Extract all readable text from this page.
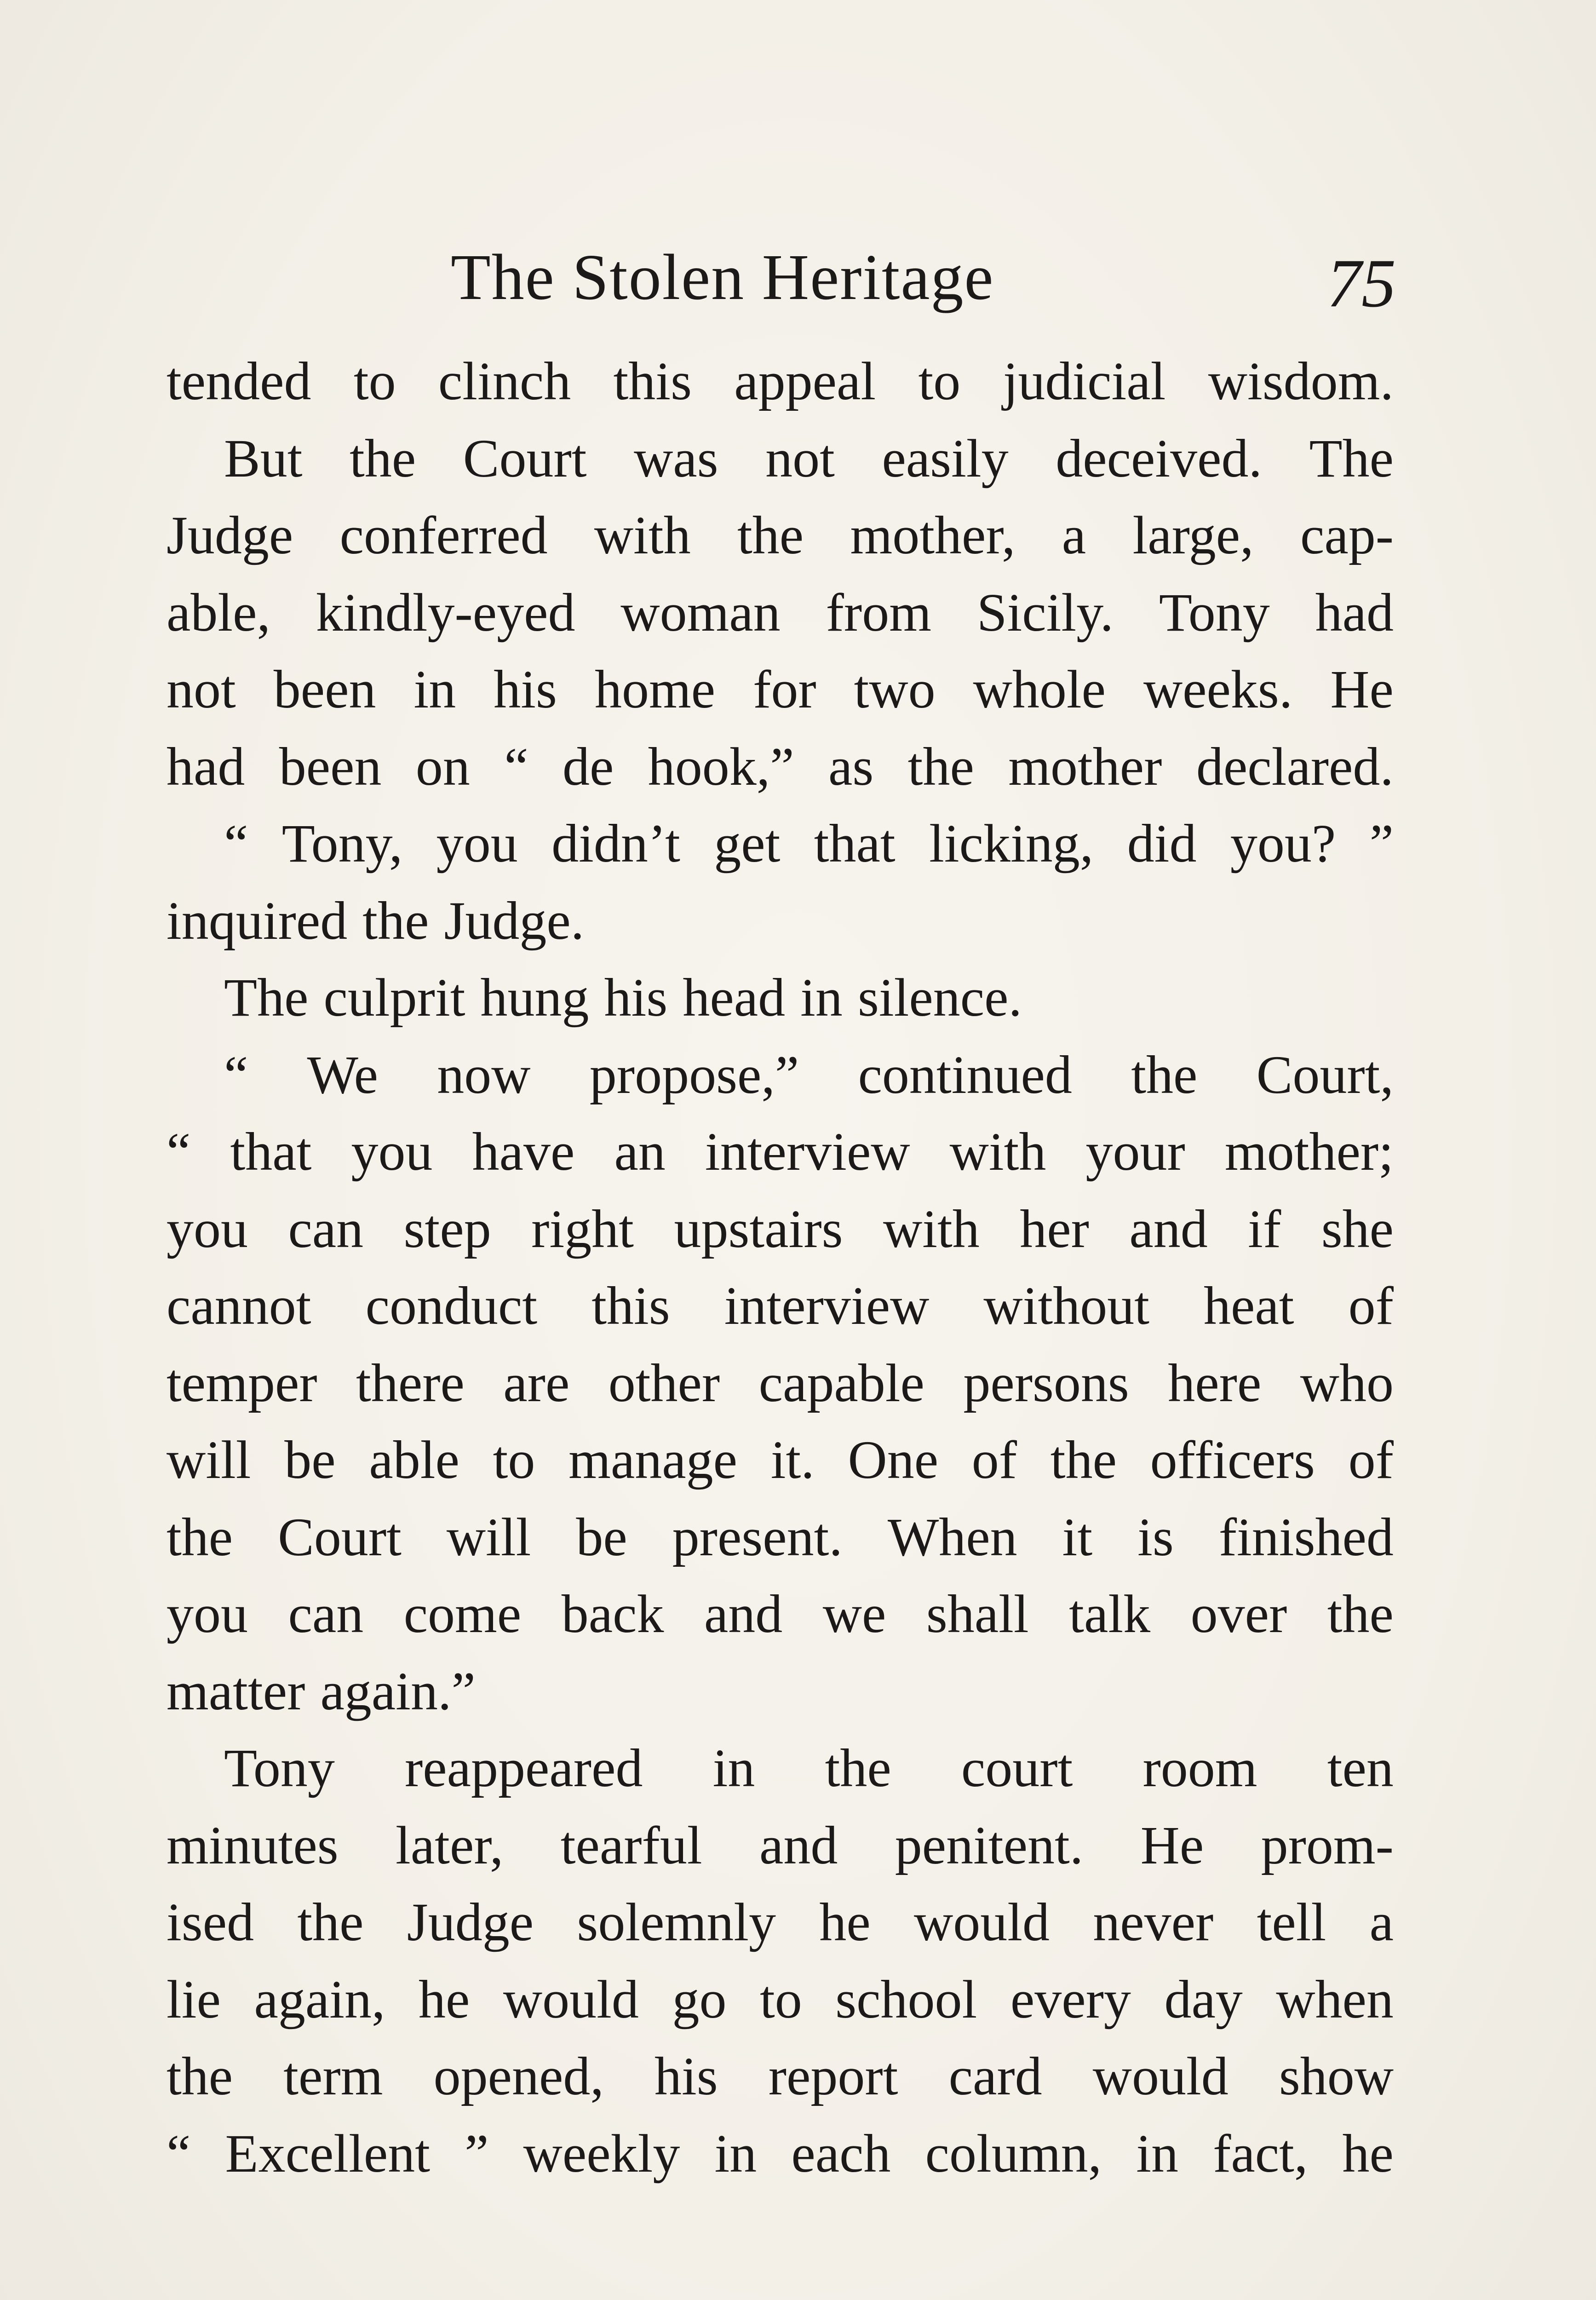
The Stolen Heritage	75
tended to clinch this appeal to judicial wisdom.
But the Court was not easily deceived. The
Judge conferred with the mother, a large, cap-
able, kindly-eyed woman from Sicily. Tony had
not been in his home for two whole weeks. He
had been on “ de hook,” as the mother declared.
“ Tony, you didn’t get that licking, did you? ”
inquired the Judge.
The culprit hung his head in silence.
“ We now propose,” continued the Court,
“ that you have an interview with your mother;
you can step right upstairs with her and if she
cannot conduct this interview without heat of
temper there are other capable persons here who
will be able to manage it. One of the officers of
the Court will be present. When it is finished
you can come back and we shall talk over the
matter again.”
Tony reappeared in the court room ten
minutes later, tearful and penitent. He prom-
ised the Judge solemnly he would never tell a
lie again, he would go to school every day when
the term opened, his report card would show
“ Excellent ” weekly in each column, in fact, he
